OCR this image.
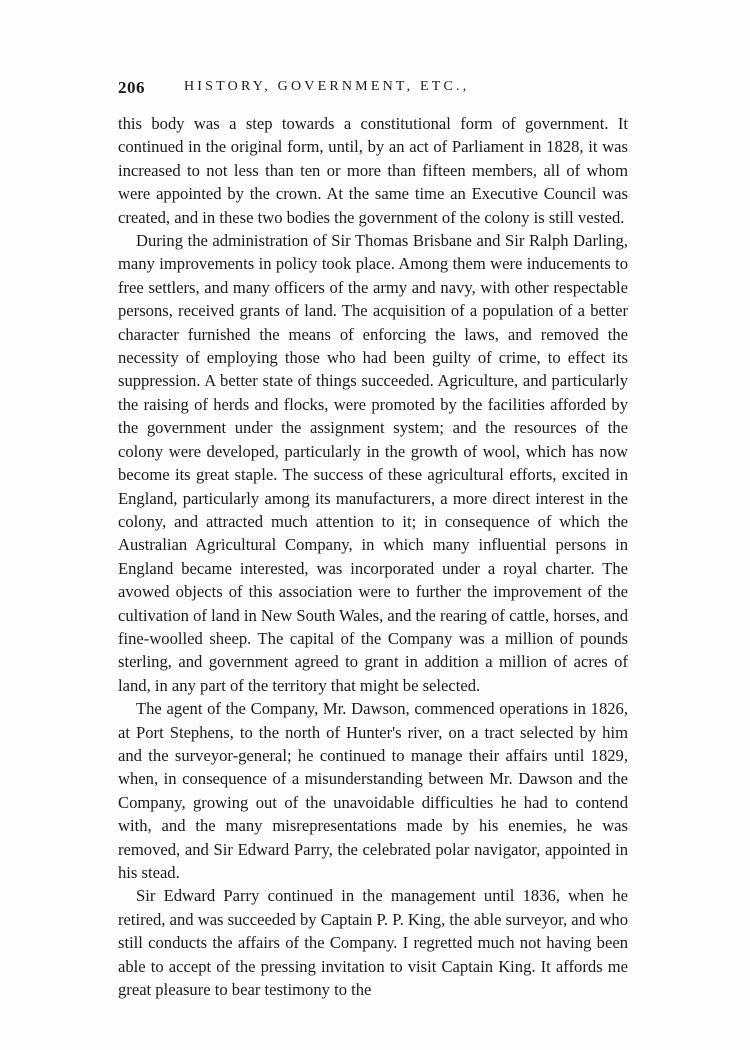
206	HISTORY, GOVERNMENT, ETC.,

this body was a step towards a constitutional form of government. It continued in the original form, until, by an act of Parliament in 1828, it was increased to not less than ten or more than fifteen members, all of whom were appointed by the crown. At the same time an Executive Council was created, and in these two bodies the government of the colony is still vested.

During the administration of Sir Thomas Brisbane and Sir Ralph Darling, many improvements in policy took place. Among them were inducements to free settlers, and many officers of the army and navy, with other respectable persons, received grants of land. The acquisition of a population of a better character furnished the means of enforcing the laws, and removed the necessity of employing those who had been guilty of crime, to effect its suppression. A better state of things succeeded. Agriculture, and particularly the raising of herds and flocks, were promoted by the facilities afforded by the government under the assignment system; and the resources of the colony were developed, particularly in the growth of wool, which has now become its great staple. The success of these agricultural efforts, excited in England, particularly among its manufacturers, a more direct interest in the colony, and attracted much attention to it; in consequence of which the Australian Agricultural Company, in which many influential persons in England became interested, was incorporated under a royal charter. The avowed objects of this association were to further the improvement of the cultivation of land in New South Wales, and the rearing of cattle, horses, and fine-woolled sheep. The capital of the Company was a million of pounds sterling, and government agreed to grant in addition a million of acres of land, in any part of the territory that might be selected.

The agent of the Company, Mr. Dawson, commenced operations in 1826, at Port Stephens, to the north of Hunter's river, on a tract selected by him and the surveyor-general; he continued to manage their affairs until 1829, when, in consequence of a misunderstanding between Mr. Dawson and the Company, growing out of the unavoidable difficulties he had to contend with, and the many misrepresentations made by his enemies, he was removed, and Sir Edward Parry, the celebrated polar navigator, appointed in his stead.

Sir Edward Parry continued in the management until 1836, when he retired, and was succeeded by Captain P. P. King, the able surveyor, and who still conducts the affairs of the Company. I regretted much not having been able to accept of the pressing invitation to visit Captain King. It affords me great pleasure to bear testimony to the
